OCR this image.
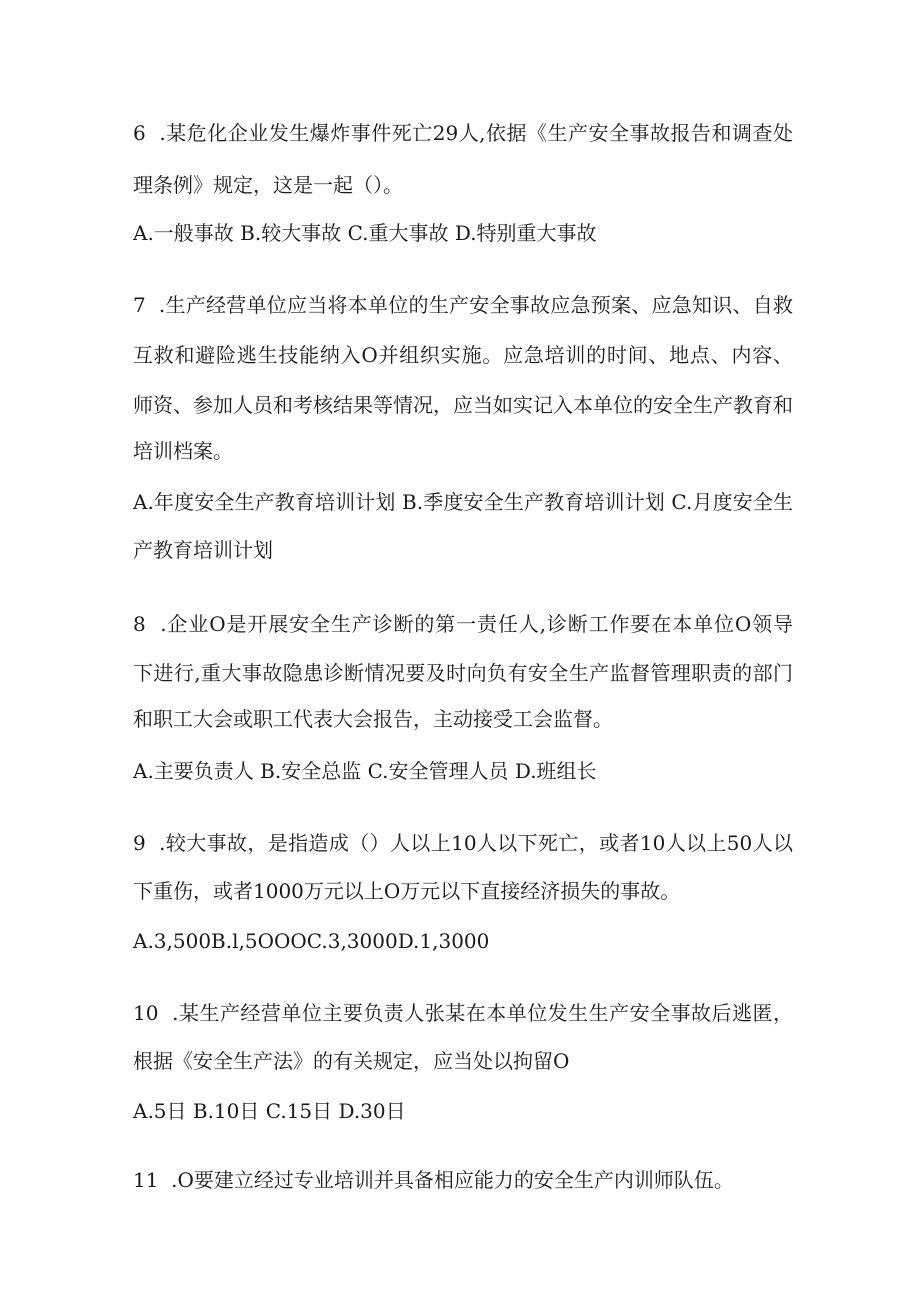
6  .某危化企业发生爆炸事件死亡29人,依据《生产安全事故报告和调查处
理条例》规定，这是一起（）。
A.一般事故 B.较大事故 C.重大事故 D.特别重大事故
7  .生产经营单位应当将本单位的生产安全事故应急预案、应急知识、自救
互救和避险逃生技能纳入O并组织实施。应急培训的时间、地点、内容、
师资、参加人员和考核结果等情况，应当如实记入本单位的安全生产教育和
培训档案。
A.年度安全生产教育培训计划 B.季度安全生产教育培训计划 C.月度安全生
产教育培训计划
8  .企业O是开展安全生产诊断的第一责任人,诊断工作要在本单位O领导
下进行,重大事故隐患诊断情况要及时向负有安全生产监督管理职责的部门
和职工大会或职工代表大会报告，主动接受工会监督。
A.主要负责人 B.安全总监 C.安全管理人员 D.班组长
9  .较大事故，是指造成（）人以上10人以下死亡，或者10人以上50人以
下重伤，或者1000万元以上O万元以下直接经济损失的事故。
A.3,500B.l,5OOOC.3,3000D.1,3000
10  .某生产经营单位主要负责人张某在本单位发生生产安全事故后逃匿，
根据《安全生产法》的有关规定，应当处以拘留O
A.5日 B.10日 C.15日 D.30日
11  .O要建立经过专业培训并具备相应能力的安全生产内训师队伍。
